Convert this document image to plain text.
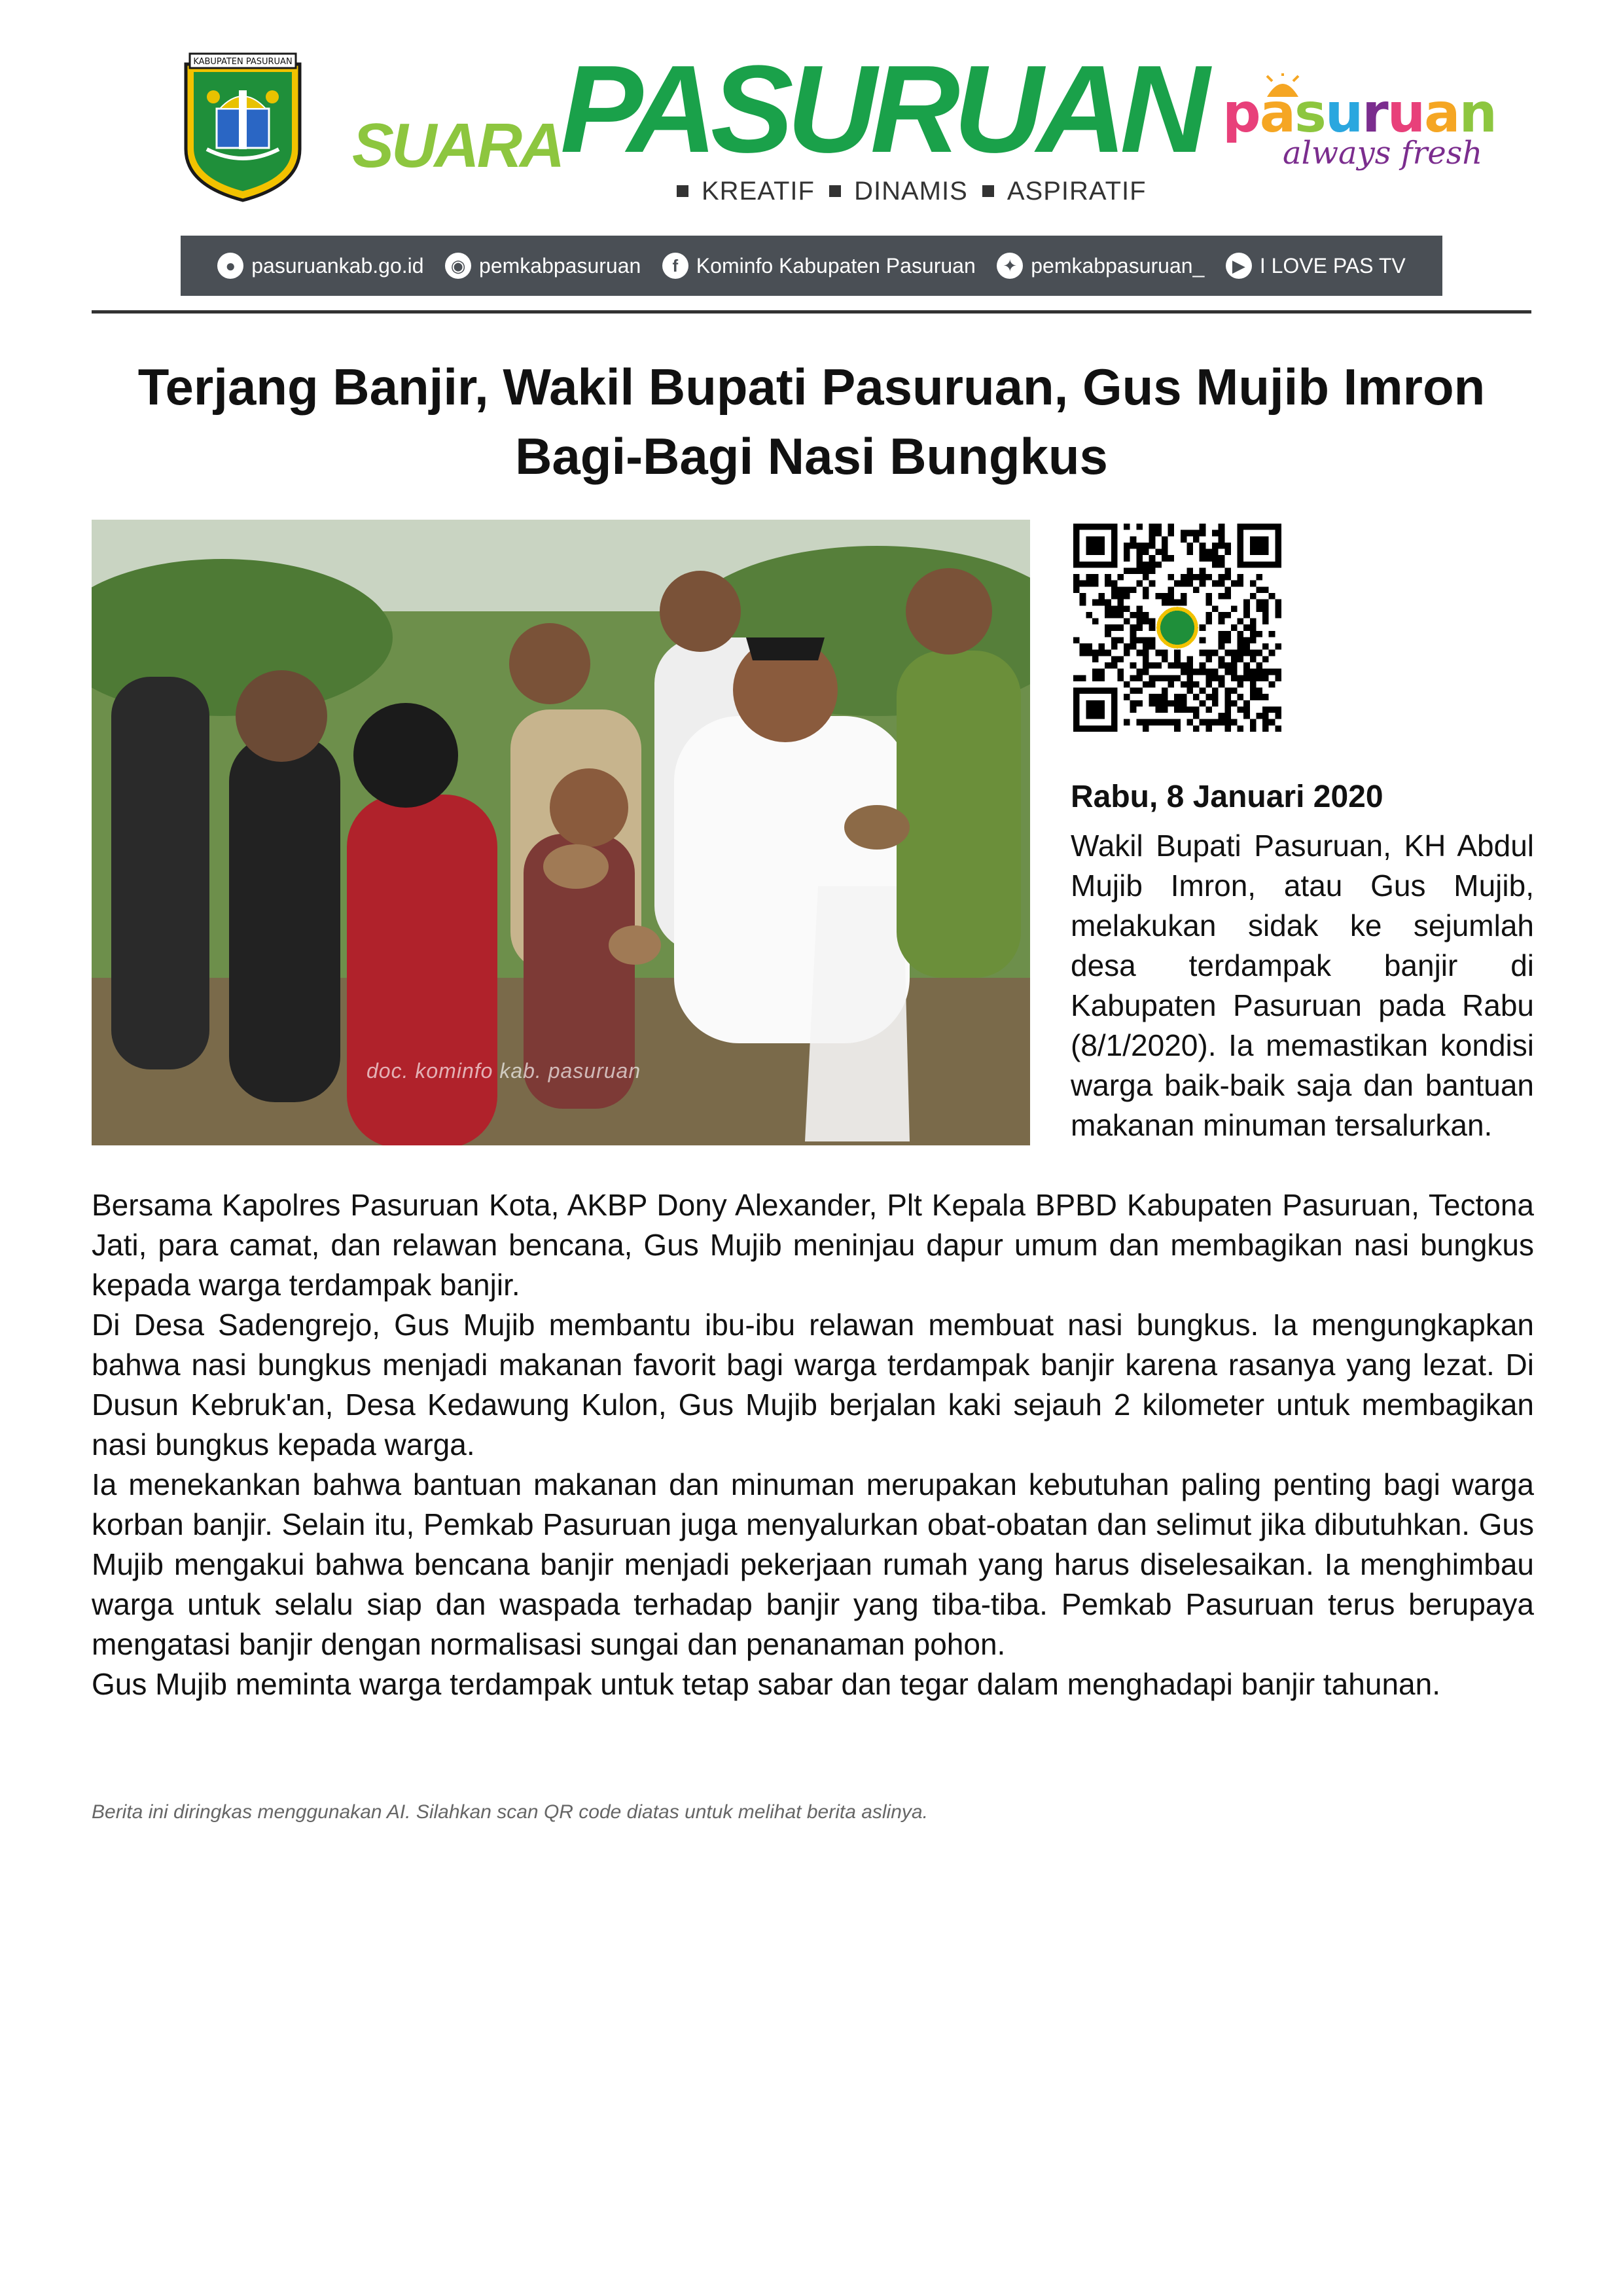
KABUPATEN PASURUAN
SUARA
PASURUAN
KREATIF DINAMIS ASPIRATIF
pasuruan
always fresh
● pasuruankab.go.id	◉ pemkabpasuruan	f Kominfo Kabupaten Pasuruan	✦ pemkabpasuruan_	▶ I LOVE PAS TV
Terjang Banjir, Wakil Bupati Pasuruan, Gus Mujib Imron Bagi-Bagi Nasi Bungkus
doc. kominfo kab. pasuruan
Rabu, 8 Januari 2020
Wakil Bupati Pasuruan, KH Abdul Mujib Imron, atau Gus Mujib, melakukan sidak ke sejumlah desa terdampak banjir di Kabupaten Pasuruan pada Rabu (8/1/2020). Ia memastikan kondisi warga baik-baik saja dan bantuan makanan minuman tersalurkan.

Bersama Kapolres Pasuruan Kota, AKBP Dony Alexander, Plt Kepala BPBD Kabupaten Pasuruan, Tectona Jati, para camat, dan relawan bencana, Gus Mujib meninjau dapur umum dan membagikan nasi bungkus kepada warga terdampak banjir.

Di Desa Sadengrejo, Gus Mujib membantu ibu-ibu relawan membuat nasi bungkus. Ia mengungkapkan bahwa nasi bungkus menjadi makanan favorit bagi warga terdampak banjir karena rasanya yang lezat. Di Dusun Kebruk'an, Desa Kedawung Kulon, Gus Mujib berjalan kaki sejauh 2 kilometer untuk membagikan nasi bungkus kepada warga.

Ia menekankan bahwa bantuan makanan dan minuman merupakan kebutuhan paling penting bagi warga korban banjir. Selain itu, Pemkab Pasuruan juga menyalurkan obat-obatan dan selimut jika dibutuhkan. Gus Mujib mengakui bahwa bencana banjir menjadi pekerjaan rumah yang harus diselesaikan. Ia menghimbau warga untuk selalu siap dan waspada terhadap banjir yang tiba-tiba. Pemkab Pasuruan terus berupaya mengatasi banjir dengan normalisasi sungai dan penanaman pohon.

Gus Mujib meminta warga terdampak untuk tetap sabar dan tegar dalam menghadapi banjir tahunan.

Berita ini diringkas menggunakan AI. Silahkan scan QR code diatas untuk melihat berita aslinya.
